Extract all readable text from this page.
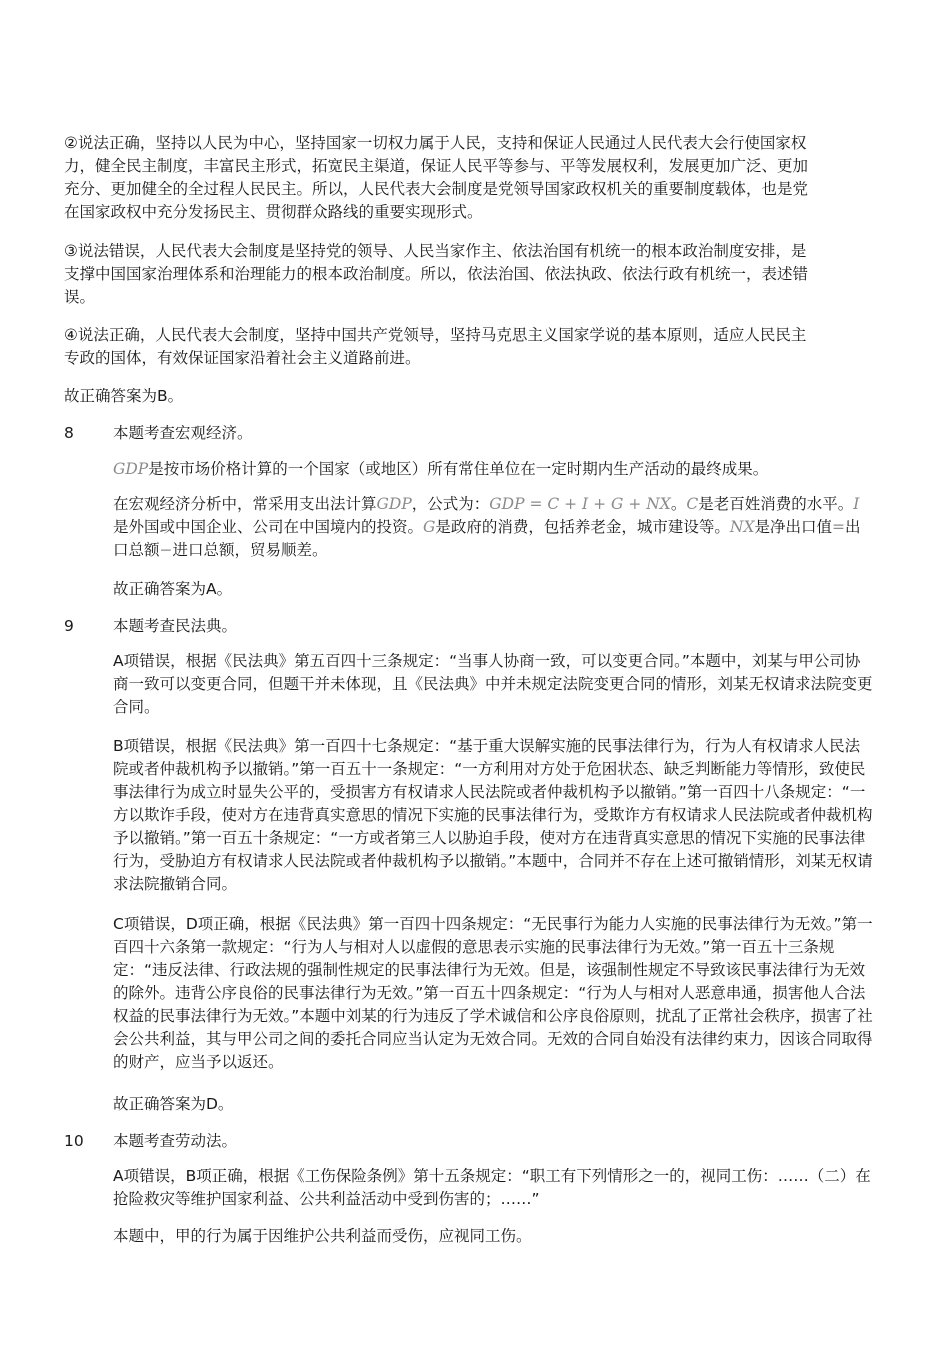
②说法正确，坚持以人民为中心，坚持国家一切权力属于人民，支持和保证人民通过人民代表大会行使国家权力，健全民主制度，丰富民主形式，拓宽民主渠道，保证人民平等参与、平等发展权利，发展更加广泛、更加充分、更加健全的全过程人民民主。所以，人民代表大会制度是党领导国家政权机关的重要制度载体，也是党在国家政权中充分发扬民主、贯彻群众路线的重要实现形式。

③说法错误，人民代表大会制度是坚持党的领导、人民当家作主、依法治国有机统一的根本政治制度安排，是支撑中国国家治理体系和治理能力的根本政治制度。所以，依法治国、依法执政、依法行政有机统一，表述错误。

④说法正确，人民代表大会制度，坚持中国共产党领导，坚持马克思主义国家学说的基本原则，适应人民民主专政的国体，有效保证国家沿着社会主义道路前进。

故正确答案为B。

8	本题考查宏观经济。

GDP是按市场价格计算的一个国家（或地区）所有常住单位在一定时期内生产活动的最终成果。

在宏观经济分析中，常采用支出法计算GDP，公式为：GDP = C + I + G + NX。C是老百姓消费的水平。I是外国或中国企业、公司在中国境内的投资。G是政府的消费，包括养老金，城市建设等。NX是净出口值=出口总额−进口总额，贸易顺差。

故正确答案为A。

9	本题考查民法典。

A项错误，根据《民法典》第五百四十三条规定：“当事人协商一致，可以变更合同。”本题中，刘某与甲公司协商一致可以变更合同，但题干并未体现，且《民法典》中并未规定法院变更合同的情形，刘某无权请求法院变更合同。

B项错误，根据《民法典》第一百四十七条规定：“基于重大误解实施的民事法律行为，行为人有权请求人民法院或者仲裁机构予以撤销。”第一百五十一条规定：“一方利用对方处于危困状态、缺乏判断能力等情形，致使民事法律行为成立时显失公平的，受损害方有权请求人民法院或者仲裁机构予以撤销。”第一百四十八条规定：“一方以欺诈手段，使对方在违背真实意思的情况下实施的民事法律行为，受欺诈方有权请求人民法院或者仲裁机构予以撤销。”第一百五十条规定：“一方或者第三人以胁迫手段，使对方在违背真实意思的情况下实施的民事法律行为，受胁迫方有权请求人民法院或者仲裁机构予以撤销。”本题中，合同并不存在上述可撤销情形，刘某无权请求法院撤销合同。

C项错误，D项正确，根据《民法典》第一百四十四条规定：“无民事行为能力人实施的民事法律行为无效。”第一百四十六条第一款规定：“行为人与相对人以虚假的意思表示实施的民事法律行为无效。”第一百五十三条规定：“违反法律、行政法规的强制性规定的民事法律行为无效。但是，该强制性规定不导致该民事法律行为无效的除外。违背公序良俗的民事法律行为无效。”第一百五十四条规定：“行为人与相对人恶意串通，损害他人合法权益的民事法律行为无效。”本题中刘某的行为违反了学术诚信和公序良俗原则，扰乱了正常社会秩序，损害了社会公共利益，其与甲公司之间的委托合同应当认定为无效合同。无效的合同自始没有法律约束力，因该合同取得的财产，应当予以返还。

故正确答案为D。

10	本题考查劳动法。

A项错误，B项正确，根据《工伤保险条例》第十五条规定：“职工有下列情形之一的，视同工伤：……（二）在抢险救灾等维护国家利益、公共利益活动中受到伤害的；……”

本题中，甲的行为属于因维护公共利益而受伤，应视同工伤。
